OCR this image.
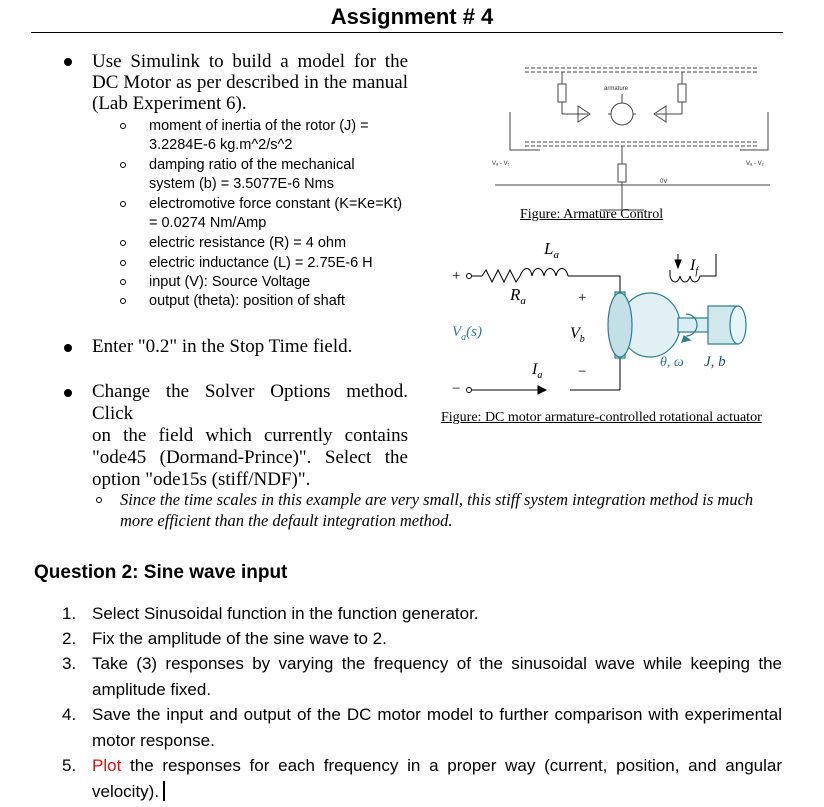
Assignment # 4
Use Simulink to build a model for the DC Motor as per described in the manual (Lab Experiment 6).
moment of inertia of the rotor (J) =
3.2284E-6 kg.m^2/s^2
damping ratio of the mechanical
system (b) = 3.5077E-6 Nms
electromotive force constant (K=Ke=Kt)
= 0.0274 Nm/Amp
electric resistance (R) = 4 ohm
electric inductance (L) = 2.75E-6 H
input (V): Source Voltage
output (theta): position of shaft
Enter "0.2" in the Stop Time field.
Change the Solver Options method. Click
on the field which currently contains
"ode45 (Dormand-Prince)". Select the
option "ode15s (stiff/NDF)".
Since the time scales in this example are very small, this stiff system integration method is much
more efficient than the default integration method.
armature
Vₐ - V₁	Vₐ - V₂
0V
Figure: Armature Control
$L_a$
$R_a$
$I_f$
+
−
$V_a(s)$
+
$V_b$
−
$I_a$
θ, ω J, b
Figure: DC motor armature-controlled rotational actuator
Question 2: Sine wave input
1. Select Sinusoidal function in the function generator.
2. Fix the amplitude of the sine wave to 2.
3. Take (3) responses by varying the frequency of the sinusoidal wave while keeping the amplitude fixed.
4. Save the input and output of the DC motor model to further comparison with experimental motor response.
5. Plot the responses for each frequency in a proper way (current, position, and angular velocity).
